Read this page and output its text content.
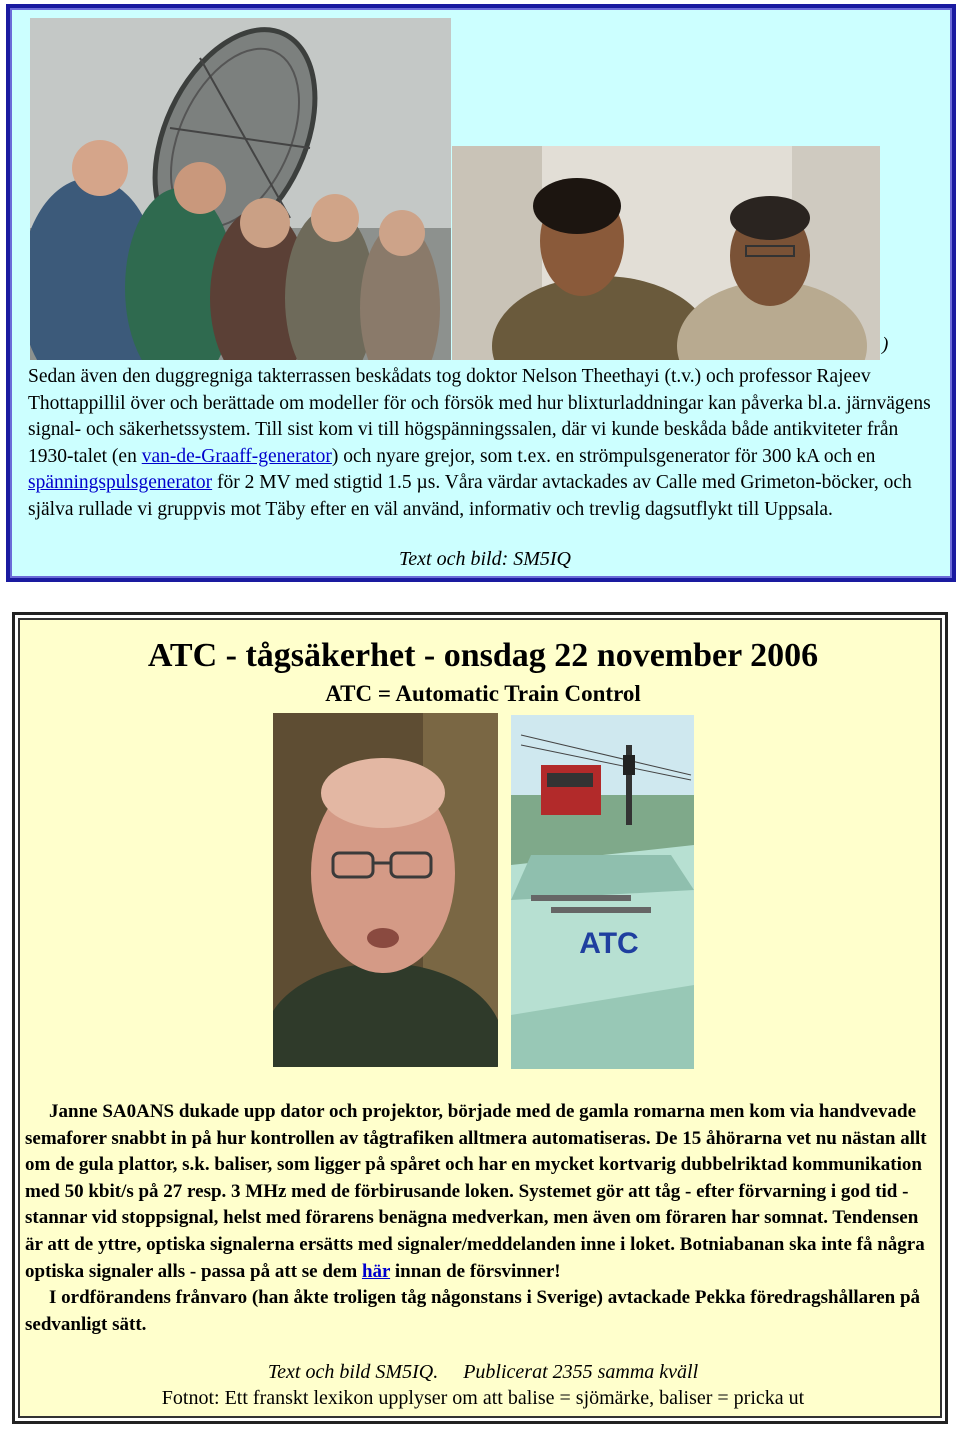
)

Sedan även den duggregniga takterrassen beskådats tog doktor Nelson Theethayi (t.v.) och professor Rajeev Thottappillil över och berättade om modeller för och försök med hur blixturladdningar kan påverka bl.a. järnvägens signal- och säkerhetssystem. Till sist kom vi till högspänningssalen, där vi kunde beskåda både antikviteter från 1930-talet (en van-de-Graaff-generator) och nyare grejor, som t.ex. en strömpulsgenerator för 300 kA och en spänningspulsgenerator för 2 MV med stigtid 1.5 µs. Våra värdar avtackades av Calle med Grimeton-böcker, och själva rullade vi gruppvis mot Täby efter en väl använd, informativ och trevlig dagsutflykt till Uppsala.

Text och bild: SM5IQ
ATC - tågsäkerhet - onsdag 22 november 2006
ATC = Automatic Train Control
ATC

Janne SA0ANS dukade upp dator och projektor, började med de gamla romarna men kom via handvevade semaforer snabbt in på hur kontrollen av tågtrafiken alltmera automatiseras. De 15 åhörarna vet nu nästan allt om de gula plattor, s.k. baliser, som ligger på spåret och har en mycket kortvarig dubbelriktad kommunikation med 50 kbit/s på 27 resp. 3 MHz med de förbirusande loken. Systemet gör att tåg - efter förvarning i god tid - stannar vid stoppsignal, helst med förarens benägna medverkan, men även om föraren har somnat. Tendensen är att de yttre, optiska signalerna ersätts med signaler/meddelanden inne i loket. Botniabanan ska inte få några optiska signaler alls - passa på att se dem här innan de försvinner!

I ordförandens frånvaro (han åkte troligen tåg någonstans i Sverige) avtackade Pekka föredragshållaren på sedvanligt sätt.

Text och bild SM5IQ.     Publicerat 2355 samma kväll
Fotnot: Ett franskt lexikon upplyser om att balise = sjömärke, baliser = pricka ut
